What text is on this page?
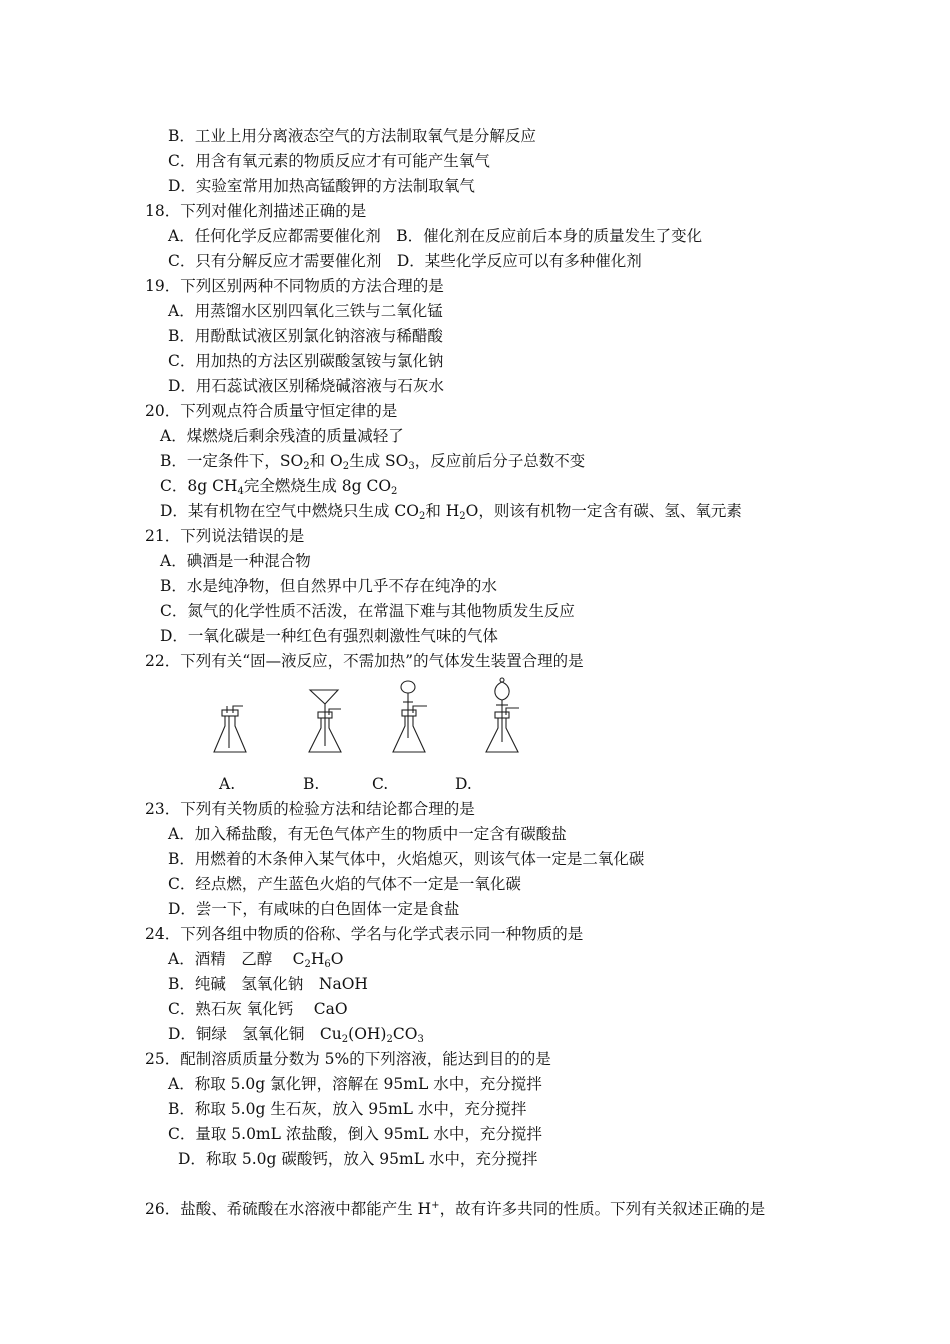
B．工业上用分离液态空气的方法制取氧气是分解反应
C．用含有氧元素的物质反应才有可能产生氧气
D．实验室常用加热高锰酸钾的方法制取氧气
18．下列对催化剂描述正确的是
A．任何化学反应都需要催化剂　B．催化剂在反应前后本身的质量发生了变化
C．只有分解反应才需要催化剂　D．某些化学反应可以有多种催化剂
19．下列区别两种不同物质的方法合理的是
A．用蒸馏水区别四氧化三铁与二氧化锰
B．用酚酞试液区别氯化钠溶液与稀醋酸
C．用加热的方法区别碳酸氢铵与氯化钠
D．用石蕊试液区别稀烧碱溶液与石灰水
20．下列观点符合质量守恒定律的是
A．煤燃烧后剩余残渣的质量减轻了
B．一定条件下，$SO_2$和 $O_2$生成 $SO_3$，反应前后分子总数不变
C．8g $CH_4$完全燃烧生成 8g $CO_2$
D．某有机物在空气中燃烧只生成 $CO_2$和 $H_2O$，则该有机物一定含有碳、氢、氧元素
21．下列说法错误的是
A．碘酒是一种混合物
B．水是纯净物，但自然界中几乎不存在纯净的水
C．氮气的化学性质不活泼，在常温下难与其他物质发生反应
D．一氧化碳是一种红色有强烈刺激性气味的气体
22．下列有关“固—液反应，不需加热”的气体发生装置合理的是
A.	B.	C.	D.
23．下列有关物质的检验方法和结论都合理的是
A．加入稀盐酸，有无色气体产生的物质中一定含有碳酸盐
B．用燃着的木条伸入某气体中，火焰熄灭，则该气体一定是二氧化碳
C．经点燃，产生蓝色火焰的气体不一定是一氧化碳
D．尝一下，有咸味的白色固体一定是食盐
24．下列各组中物质的俗称、学名与化学式表示同一种物质的是
A．酒精　乙醇　 $C_2H_6O$
B．纯碱　氢氧化钠　NaOH
C．熟石灰 氧化钙　 CaO
D．铜绿　氢氧化铜　$Cu_2(OH)_2CO_3$
25．配制溶质质量分数为 5%的下列溶液，能达到目的的是
A．称取 5.0g 氯化钾，溶解在 95mL 水中，充分搅拌
B．称取 5.0g 生石灰，放入 95mL 水中，充分搅拌
C．量取 5.0mL 浓盐酸，倒入 95mL 水中，充分搅拌
D．称取 5.0g 碳酸钙，放入 95mL 水中，充分搅拌
26．盐酸、希硫酸在水溶液中都能产生 H+，故有许多共同的性质。下列有关叙述正确的是
